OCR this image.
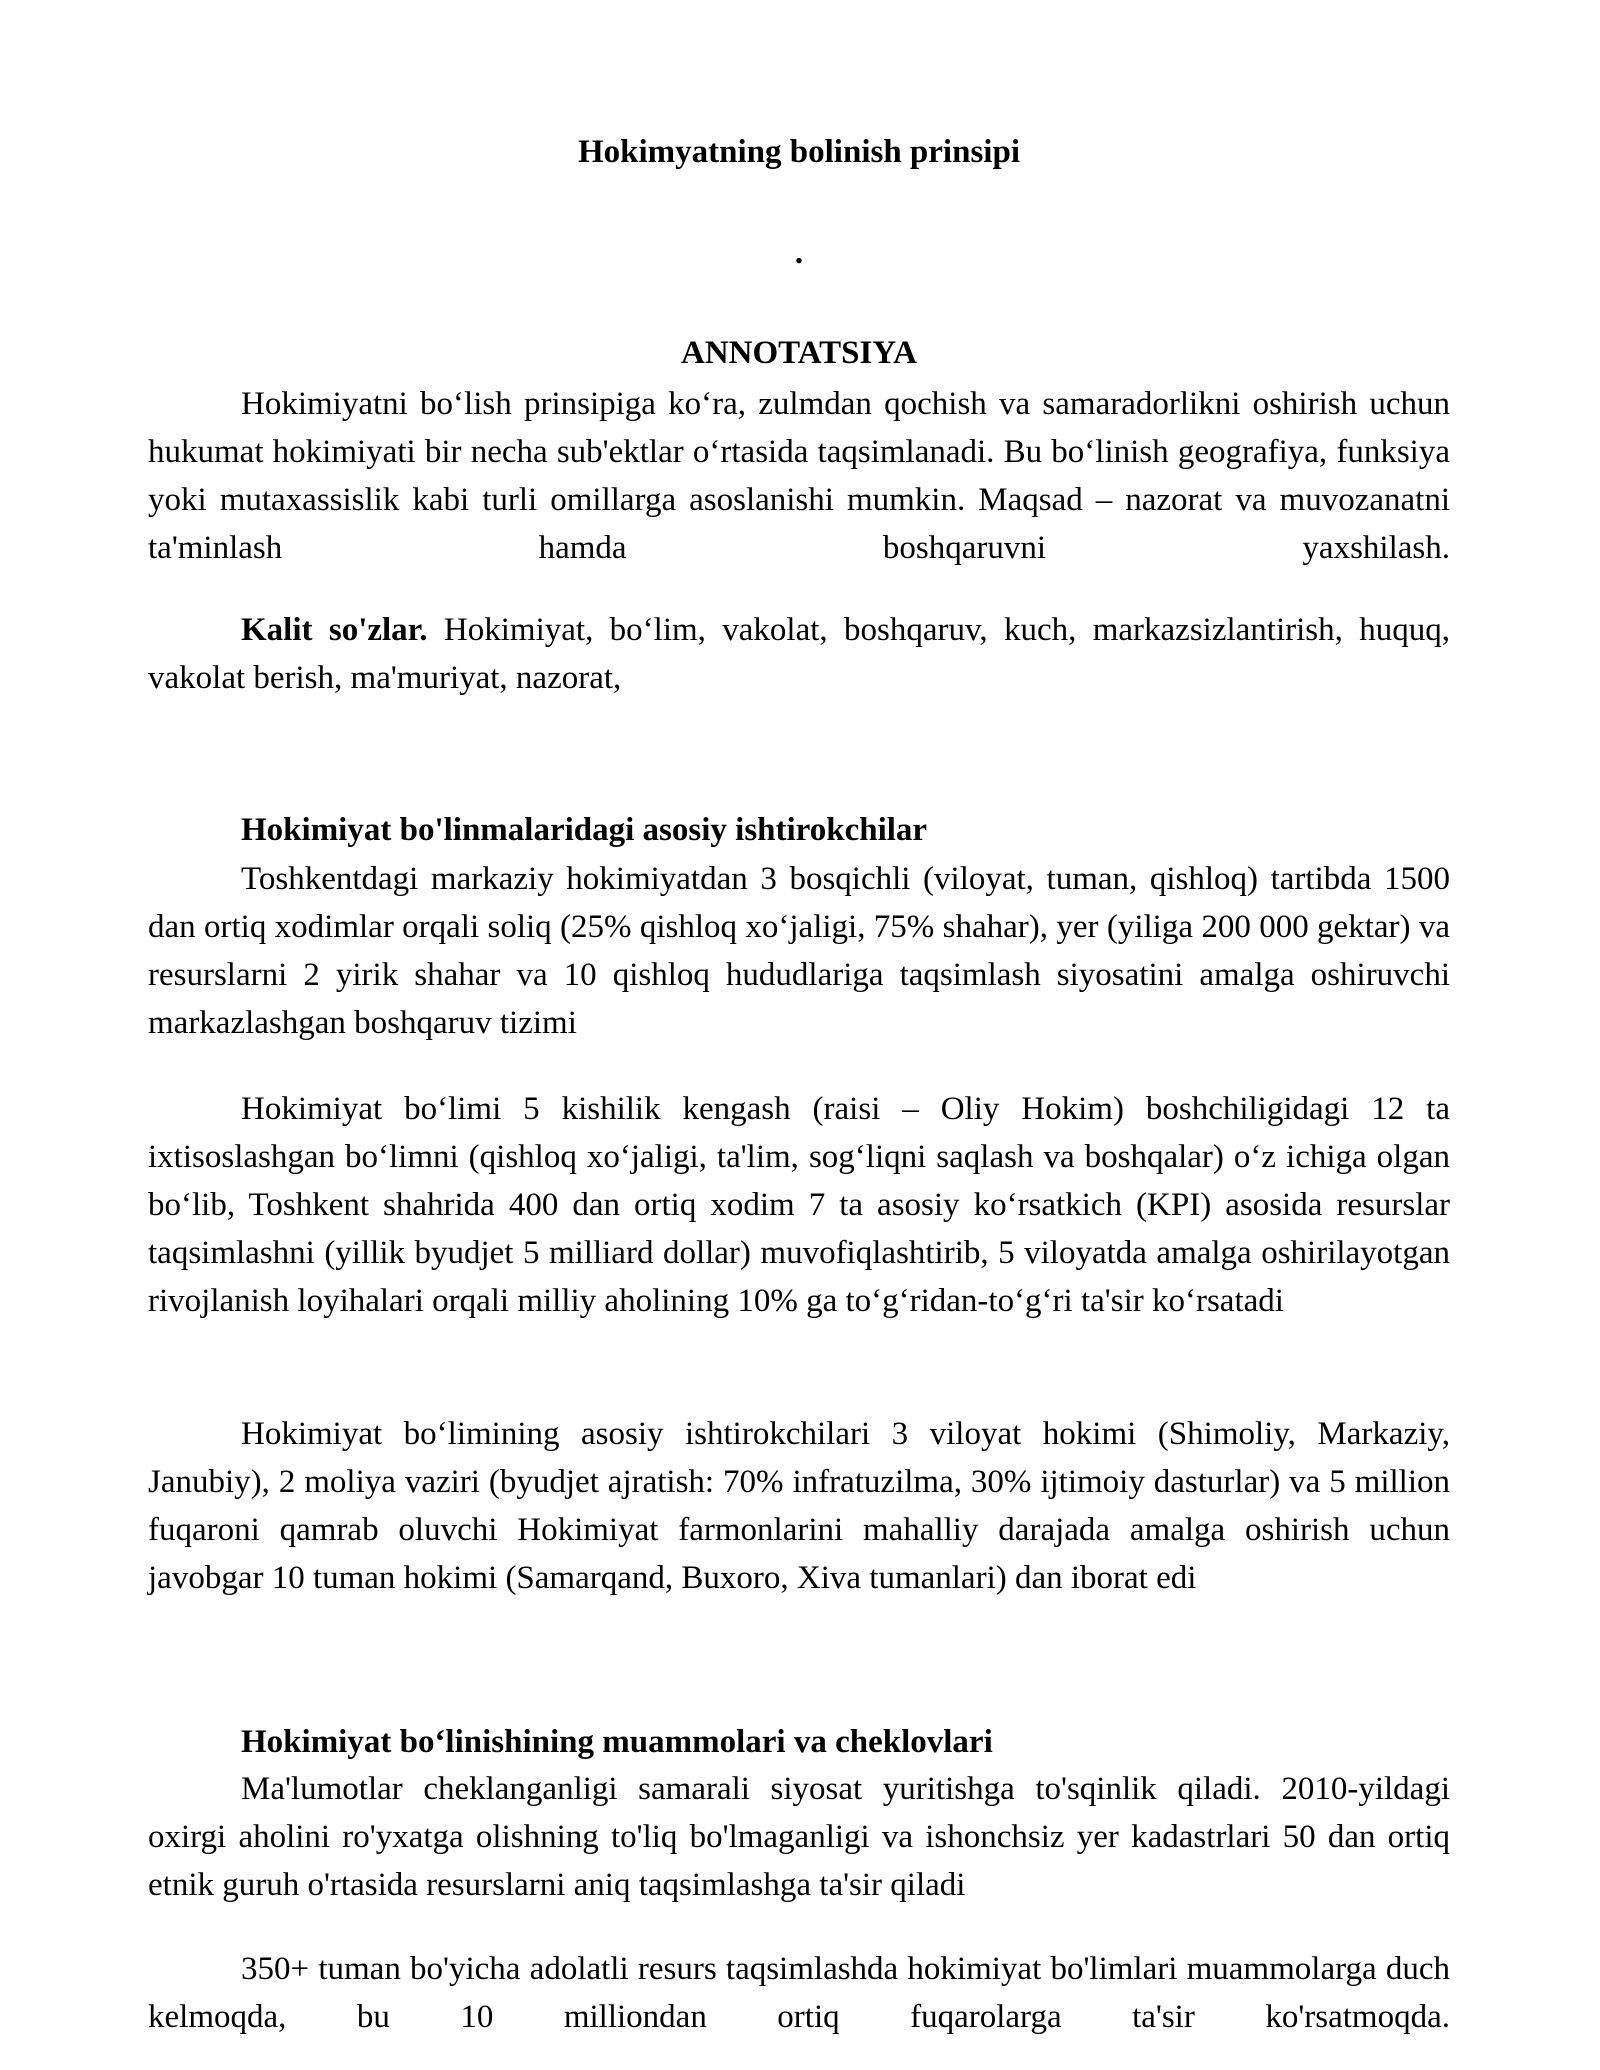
Hokimyatning bolinish prinsipi
.
ANNOTATSIYA

Hokimiyatni bo‘lish prinsipiga ko‘ra, zulmdan qochish va samaradorlikni oshirish uchun hukumat hokimiyati bir necha sub'ektlar o‘rtasida taqsimlanadi. Bu bo‘linish geografiya, funksiya yoki mutaxassislik kabi turli omillarga asoslanishi mumkin. Maqsad – nazorat va muvozanatni ta'minlash hamda boshqaruvni yaxshilash.

Kalit so'zlar. Hokimiyat, bo‘lim, vakolat, boshqaruv, kuch, markazsizlantirish, huquq, vakolat berish, ma'muriyat, nazorat,

Hokimiyat bo'linmalaridagi asosiy ishtirokchilar

Toshkentdagi markaziy hokimiyatdan 3 bosqichli (viloyat, tuman, qishloq) tartibda 1500 dan ortiq xodimlar orqali soliq (25% qishloq xo‘jaligi, 75% shahar), yer (yiliga 200 000 gektar) va resurslarni 2 yirik shahar va 10 qishloq hududlariga taqsimlash siyosatini amalga oshiruvchi markazlashgan boshqaruv tizimi

Hokimiyat bo‘limi 5 kishilik kengash (raisi – Oliy Hokim) boshchiligidagi 12 ta ixtisoslashgan bo‘limni (qishloq xo‘jaligi, ta'lim, sog‘liqni saqlash va boshqalar) o‘z ichiga olgan bo‘lib, Toshkent shahrida 400 dan ortiq xodim 7 ta asosiy ko‘rsatkich (KPI) asosida resurslar taqsimlashni (yillik byudjet 5 milliard dollar) muvofiqlashtirib, 5 viloyatda amalga oshirilayotgan rivojlanish loyihalari orqali milliy aholining 10% ga to‘g‘ridan-to‘g‘ri ta'sir ko‘rsatadi

Hokimiyat bo‘limining asosiy ishtirokchilari 3 viloyat hokimi (Shimoliy, Markaziy, Janubiy), 2 moliya vaziri (byudjet ajratish: 70% infratuzilma, 30% ijtimoiy dasturlar) va 5 million fuqaroni qamrab oluvchi Hokimiyat farmonlarini mahalliy darajada amalga oshirish uchun javobgar 10 tuman hokimi (Samarqand, Buxoro, Xiva tumanlari) dan iborat edi

Hokimiyat bo‘linishining muammolari va cheklovlari

Ma'lumotlar cheklanganligi samarali siyosat yuritishga to'sqinlik qiladi. 2010-yildagi oxirgi aholini ro'yxatga olishning to'liq bo'lmaganligi va ishonchsiz yer kadastrlari 50 dan ortiq etnik guruh o'rtasida resurslarni aniq taqsimlashga ta'sir qiladi

350+ tuman bo'yicha adolatli resurs taqsimlashda hokimiyat bo'limlari muammolarga duch kelmoqda, bu 10 milliondan ortiq fuqarolarga ta'sir ko'rsatmoqda.
